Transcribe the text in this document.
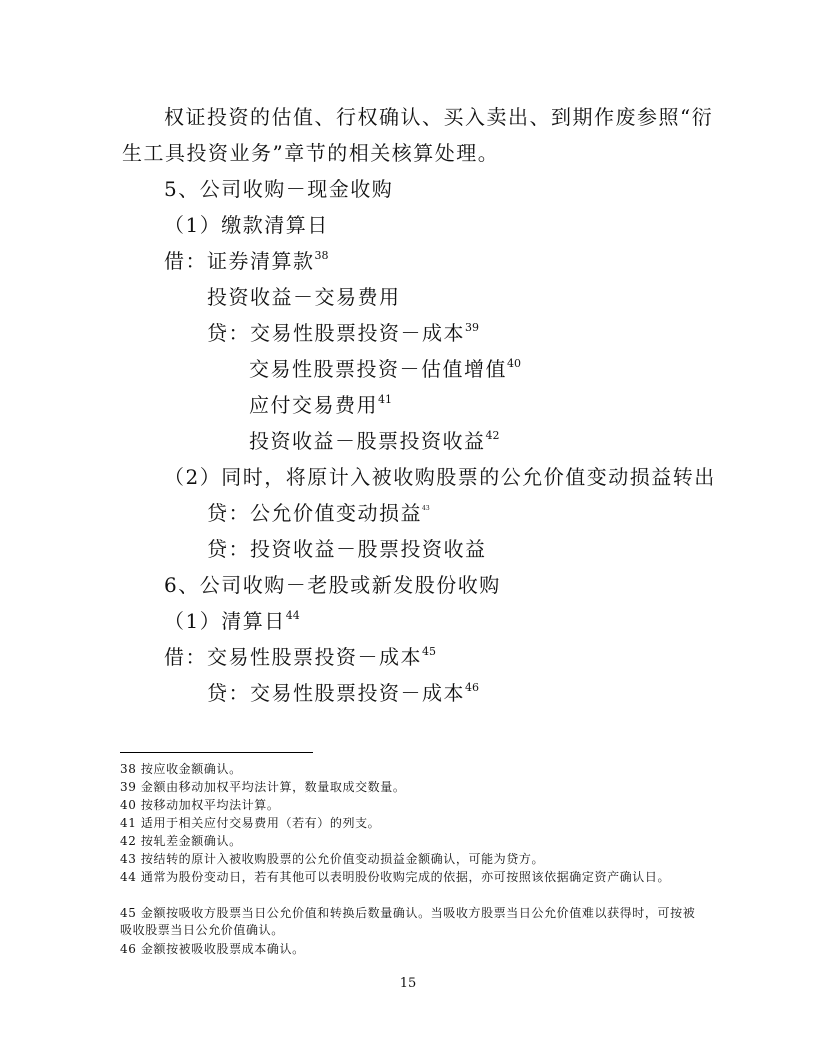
权证投资的估值、行权确认、买入卖出、到期作废参照“衍
生工具投资业务”章节的相关核算处理。
5、公司收购－现金收购
（1）缴款清算日
借：证券清算款$^{38}$
投资收益－交易费用
贷：交易性股票投资－成本$^{39}$
交易性股票投资－估值增值$^{40}$
应付交易费用$^{41}$
投资收益－股票投资收益$^{42}$
（2）同时，将原计入被收购股票的公允价值变动损益转出
贷：公允价值变动损益$^{43}$
贷：投资收益－股票投资收益
6、公司收购－老股或新发股份收购
（1）清算日$^{44}$
借：交易性股票投资－成本$^{45}$
贷：交易性股票投资－成本$^{46}$
38 按应收金额确认。
39 金额由移动加权平均法计算，数量取成交数量。
40 按移动加权平均法计算。
41 适用于相关应付交易费用（若有）的列支。
42 按轧差金额确认。
43 按结转的原计入被收购股票的公允价值变动损益金额确认，可能为贷方。
44 通常为股份变动日，若有其他可以表明股份收购完成的依据，亦可按照该依据确定资产确认日。
45 金额按吸收方股票当日公允价值和转换后数量确认。当吸收方股票当日公允价值难以获得时，可按被吸收股票当日公允价值确认。
46 金额按被吸收股票成本确认。
15
